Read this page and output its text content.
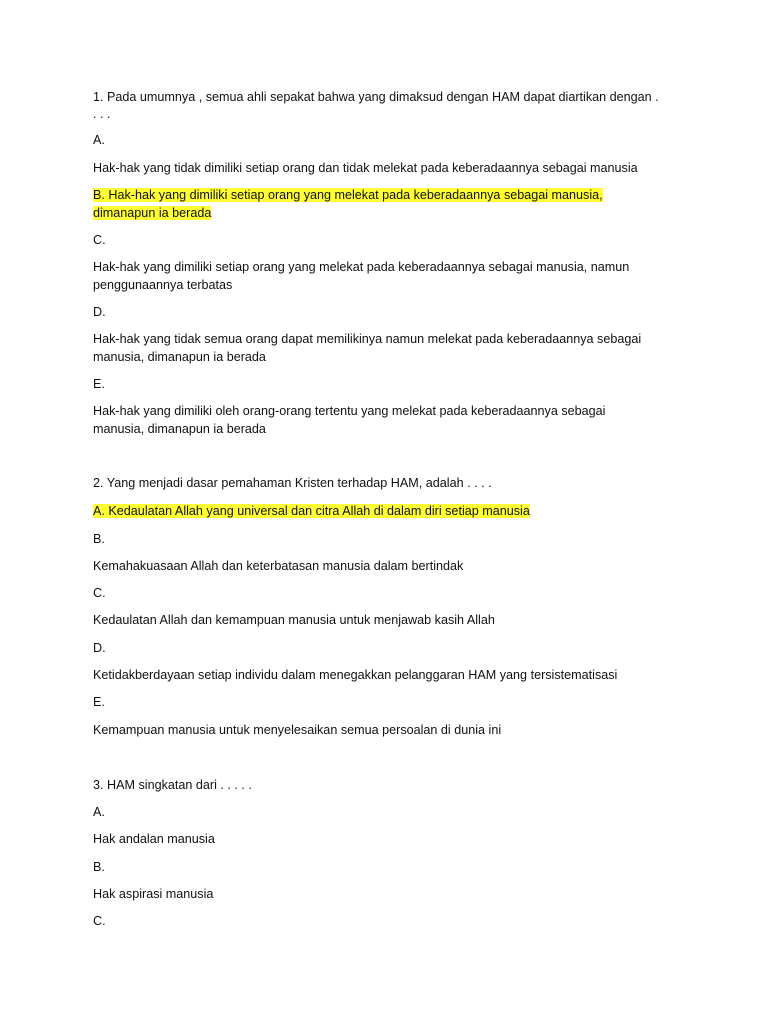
1. Pada umumnya , semua ahli sepakat bahwa yang dimaksud dengan HAM dapat diartikan dengan .
. . .
A.
Hak-hak yang tidak dimiliki setiap orang dan tidak melekat pada keberadaannya sebagai manusia
B. Hak-hak yang dimiliki setiap orang yang melekat pada keberadaannya sebagai manusia,
dimanapun ia berada
C.
Hak-hak yang dimiliki setiap orang yang melekat pada keberadaannya sebagai manusia, namun
penggunaannya terbatas
D.
Hak-hak yang tidak semua orang dapat memilikinya namun melekat pada keberadaannya sebagai
manusia, dimanapun ia berada
E.
Hak-hak yang dimiliki oleh orang-orang tertentu yang melekat pada keberadaannya sebagai
manusia, dimanapun ia berada
2. Yang menjadi dasar pemahaman Kristen terhadap HAM, adalah . . . .
A. Kedaulatan Allah yang universal dan citra Allah di dalam diri setiap manusia
B.
Kemahakuasaan Allah dan keterbatasan manusia dalam bertindak
C.
Kedaulatan Allah dan kemampuan manusia untuk menjawab kasih Allah
D.
Ketidakberdayaan setiap individu dalam menegakkan pelanggaran HAM yang tersistematisasi
E.
Kemampuan manusia untuk menyelesaikan semua persoalan di dunia ini
3. HAM singkatan dari . . . . .
A.
Hak andalan manusia
B.
Hak aspirasi manusia
C.
